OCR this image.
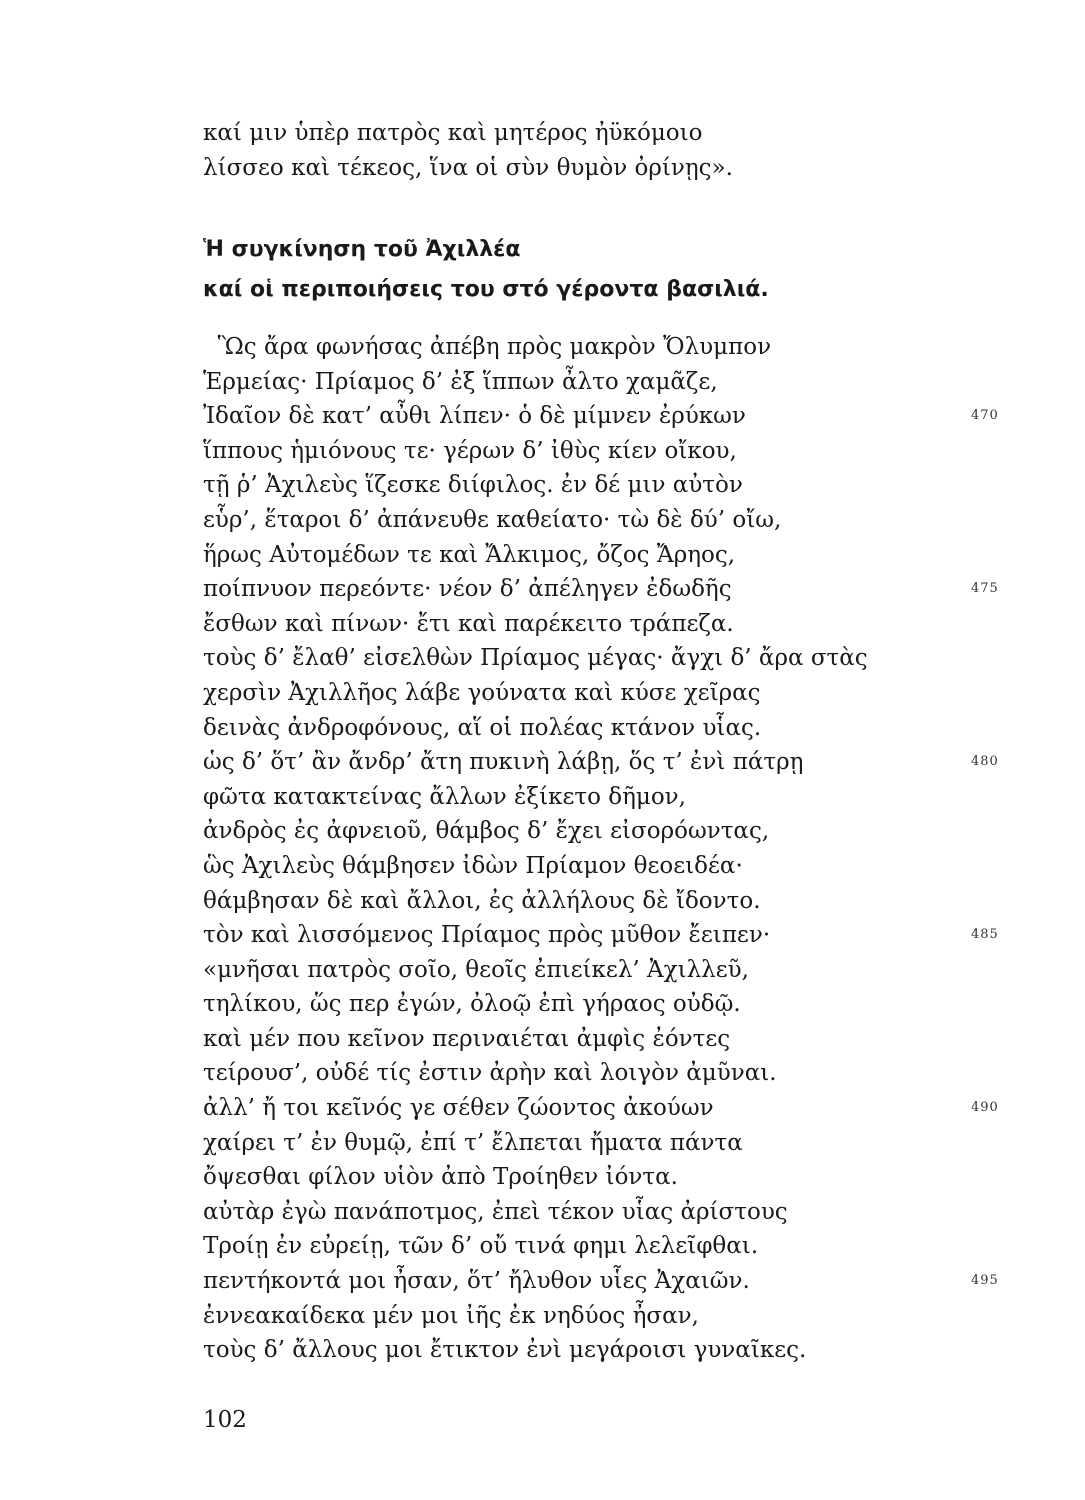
καί μιν ὑπὲρ πατρὸς καὶ μητέρος ἠϋκόμοιο
λίσσεο καὶ τέκεος, ἵνα οἱ σὺν θυμὸν ὀρίνῃς».
Ἡ συγκίνηση τοῦ Ἀχιλλέα
καί οἱ περιποιήσεις του στό γέροντα βασιλιά.
Ὣς ἄρα φωνήσας ἀπέβη πρὸς μακρὸν Ὄλυμπον
Ἑρμείας· Πρίαμος δ’ ἐξ ἵππων ἆλτο χαμᾶζε,
Ἰδαῖον δὲ κατ’ αὖθι λίπεν· ὁ δὲ μίμνεν ἐρύκων	470
ἵππους ἡμιόνους τε· γέρων δ’ ἰθὺς κίεν οἴκου,
τῇ ῥ’ Ἀχιλεὺς ἵζεσκε διίφιλος. ἐν δέ μιν αὐτὸν
εὗρ’, ἕταροι δ’ ἀπάνευθε καθείατο· τὼ δὲ δύ’ οἴω,
ἥρως Αὐτομέδων τε καὶ Ἄλκιμος, ὄζος Ἄρηος,
ποίπνυον περεόντε· νέον δ’ ἀπέληγεν ἐδωδῆς	475
ἔσθων καὶ πίνων· ἔτι καὶ παρέκειτο τράπεζα.
τοὺς δ’ ἔλαθ’ εἰσελθὼν Πρίαμος μέγας· ἄγχι δ’ ἄρα στὰς
χερσὶν Ἀχιλλῆος λάβε γούνατα καὶ κύσε χεῖρας
δεινὰς ἀνδροφόνους, αἵ οἱ πολέας κτάνον υἷας.
ὡς δ’ ὅτ’ ἂν ἄνδρ’ ἄτη πυκινὴ λάβῃ, ὅς τ’ ἐνὶ πάτρῃ	480
φῶτα κατακτείνας ἄλλων ἐξίκετο δῆμον,
ἀνδρὸς ἐς ἀφνειοῦ, θάμβος δ’ ἔχει εἰσορόωντας,
ὣς Ἀχιλεὺς θάμβησεν ἰδὼν Πρίαμον θεοειδέα·
θάμβησαν δὲ καὶ ἄλλοι, ἐς ἀλλήλους δὲ ἴδοντο.
τὸν καὶ λισσόμενος Πρίαμος πρὸς μῦθον ἔειπεν·	485
«μνῆσαι πατρὸς σοῖο, θεοῖς ἐπιείκελ’ Ἀχιλλεῦ,
τηλίκου, ὥς περ ἐγών, ὀλοῷ ἐπὶ γήραος οὐδῷ.
καὶ μέν που κεῖνον περιναιέται ἀμφὶς ἐόντες
τείρουσ’, οὐδέ τίς ἐστιν ἀρὴν καὶ λοιγὸν ἀμῦναι.
ἀλλ’ ἤ τοι κεῖνός γε σέθεν ζώοντος ἀκούων	490
χαίρει τ’ ἐν θυμῷ, ἐπί τ’ ἔλπεται ἤματα πάντα
ὄψεσθαι φίλον υἱὸν ἀπὸ Τροίηθεν ἰόντα.
αὐτὰρ ἐγὼ πανάποτμος, ἐπεὶ τέκον υἷας ἀρίστους
Τροίῃ ἐν εὐρείῃ, τῶν δ’ οὔ τινά φημι λελεῖφθαι.
πεντήκοντά μοι ἦσαν, ὅτ’ ἤλυθον υἷες Ἀχαιῶν.	495
ἐννεακαίδεκα μέν μοι ἰῆς ἐκ νηδύος ἦσαν,
τοὺς δ’ ἄλλους μοι ἔτικτον ἐνὶ μεγάροισι γυναῖκες.
102
